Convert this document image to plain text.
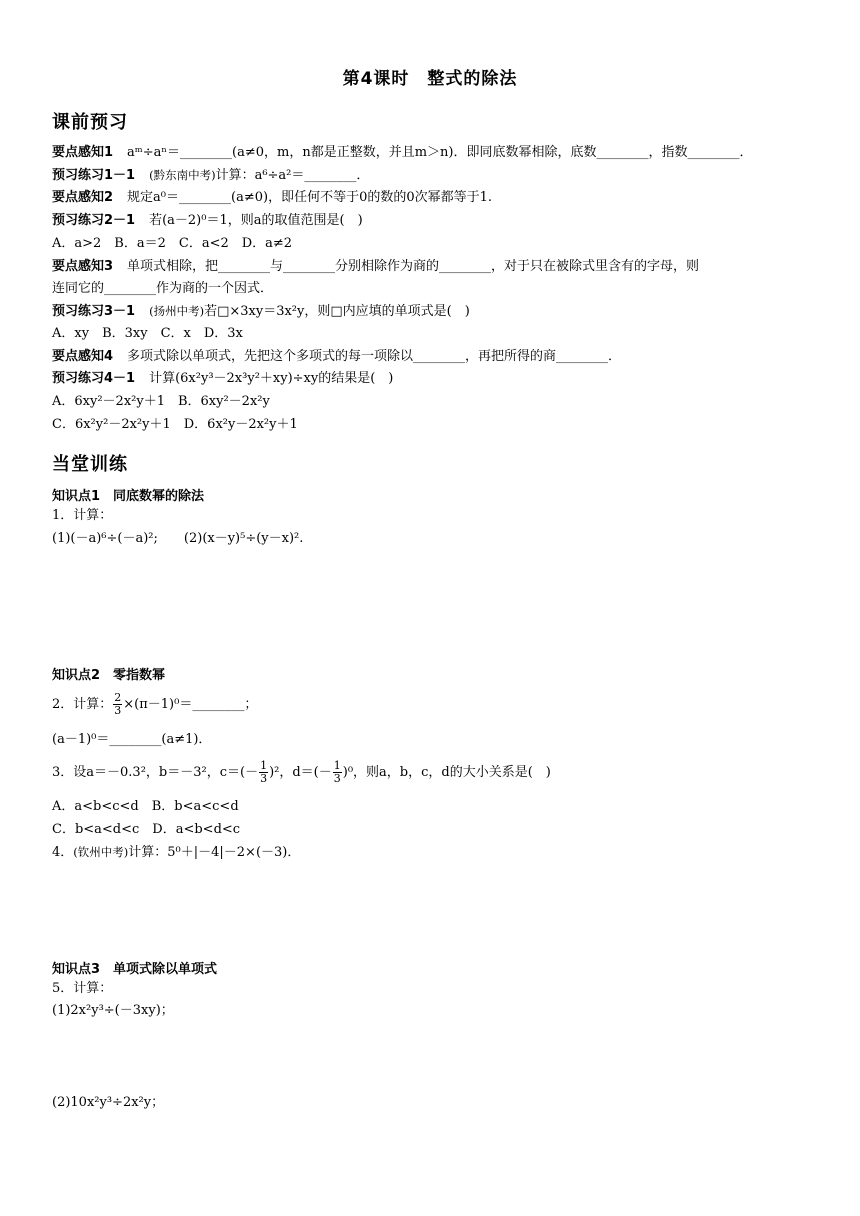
第4课时　整式的除法
课前预习
要点感知1 aᵐ÷aⁿ＝________(a≠0，m，n都是正整数，并且m＞n)．即同底数幂相除，底数________，指数________．
预习练习1－1 (黔东南中考)计算：a⁶÷a²＝________．
要点感知2 规定a⁰＝________(a≠0)，即任何不等于0的数的0次幂都等于1.
预习练习2－1 若(a－2)⁰＝1，则a的取值范围是(　)
A．a>2　B．a＝2　C．a<2　D．a≠2
要点感知3 单项式相除，把________与________分别相除作为商的________，对于只在被除式里含有的字母，则
连同它的________作为商的一个因式．
预习练习3－1 (扬州中考)若□×3xy＝3x²y，则□内应填的单项式是(　)
A．xy　B．3xy　C．x　D．3x
要点感知4 多项式除以单项式，先把这个多项式的每一项除以________，再把所得的商________．
预习练习4－1 计算(6x²y³－2x³y²＋xy)÷xy的结果是(　)
A．6xy²－2x²y＋1　B．6xy²－2x²y
C．6x²y²－2x²y＋1　D．6x²y－2x²y＋1
当堂训练
知识点1　同底数幂的除法
1．计算：
(1)(－a)⁶÷(－a)²;　　(2)(x－y)⁵÷(y－x)².
知识点2　零指数幂
2．计算： $\frac{2}{3}$ ×(π－1)⁰＝________；
(a－1)⁰＝________(a≠1)．
3．设a＝－0.3²，b＝－3²，$c=(- \frac{1}{3} )^2$，$d=(- \frac{1}{3} )^0$，则a，b，c，d的大小关系是(　)
A．a<b<c<d　B．b<a<c<d
C．b<a<d<c　D．a<b<d<c
4．(钦州中考)计算：5⁰＋|－4|－2×(－3)．
知识点3　单项式除以单项式
5．计算：
(1)2x²y³÷(－3xy)；
(2)10x²y³÷2x²y；
